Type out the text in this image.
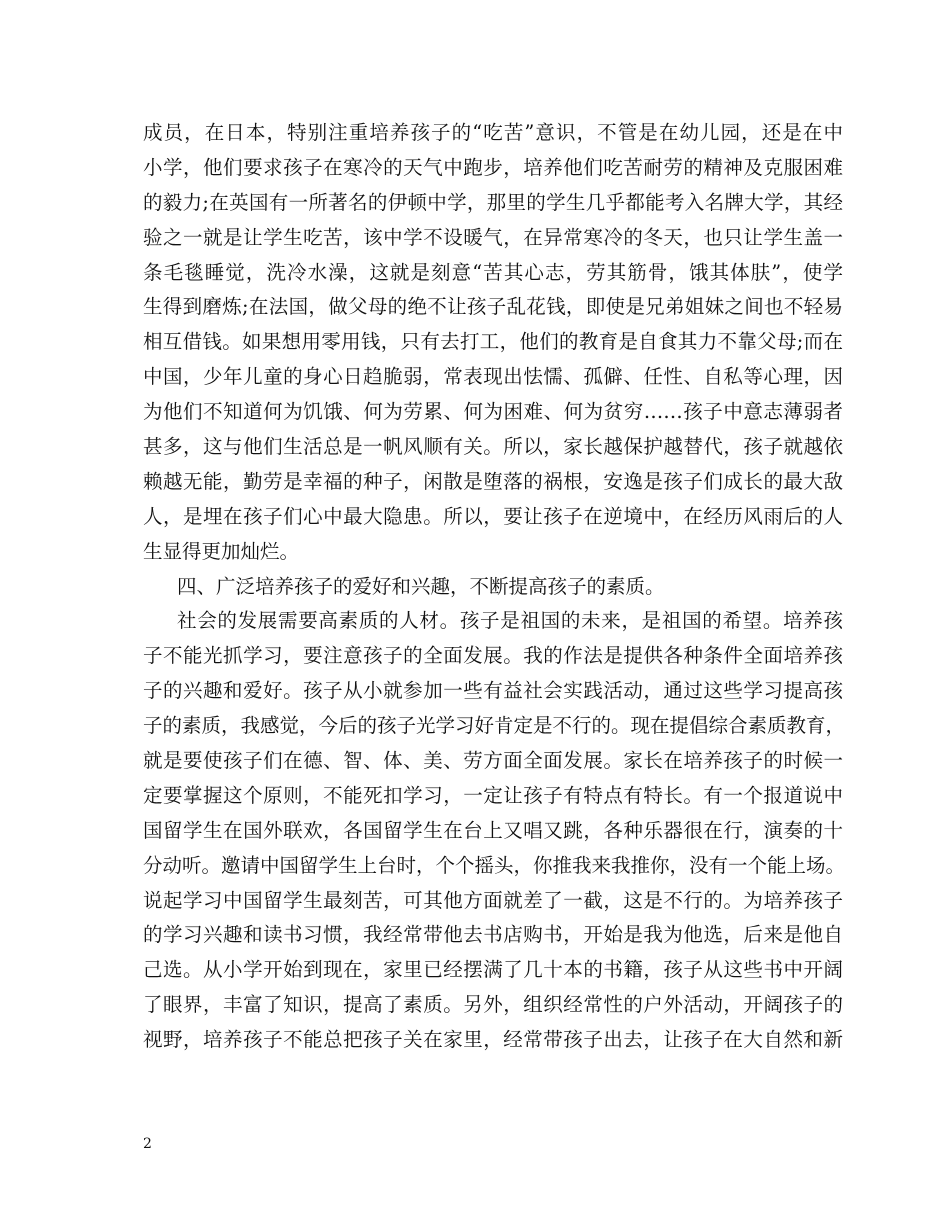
成员，在日本，特别注重培养孩子的“吃苦”意识，不管是在幼儿园，还是在中
小学，他们要求孩子在寒冷的天气中跑步，培养他们吃苦耐劳的精神及克服困难
的毅力;在英国有一所著名的伊顿中学，那里的学生几乎都能考入名牌大学，其经
验之一就是让学生吃苦，该中学不设暖气，在异常寒冷的冬天，也只让学生盖一
条毛毯睡觉，洗冷水澡，这就是刻意“苦其心志，劳其筋骨，饿其体肤”，使学
生得到磨炼;在法国，做父母的绝不让孩子乱花钱，即使是兄弟姐妹之间也不轻易
相互借钱。如果想用零用钱，只有去打工，他们的教育是自食其力不靠父母;而在
中国，少年儿童的身心日趋脆弱，常表现出怯懦、孤僻、任性、自私等心理，因
为他们不知道何为饥饿、何为劳累、何为困难、何为贫穷……孩子中意志薄弱者
甚多，这与他们生活总是一帆风顺有关。所以，家长越保护越替代，孩子就越依
赖越无能，勤劳是幸福的种子，闲散是堕落的祸根，安逸是孩子们成长的最大敌
人，是埋在孩子们心中最大隐患。所以，要让孩子在逆境中，在经历风雨后的人
生显得更加灿烂。
四、广泛培养孩子的爱好和兴趣，不断提高孩子的素质。
社会的发展需要高素质的人材。孩子是祖国的未来，是祖国的希望。培养孩
子不能光抓学习，要注意孩子的全面发展。我的作法是提供各种条件全面培养孩
子的兴趣和爱好。孩子从小就参加一些有益社会实践活动，通过这些学习提高孩
子的素质，我感觉，今后的孩子光学习好肯定是不行的。现在提倡综合素质教育，
就是要使孩子们在德、智、体、美、劳方面全面发展。家长在培养孩子的时候一
定要掌握这个原则，不能死扣学习，一定让孩子有特点有特长。有一个报道说中
国留学生在国外联欢，各国留学生在台上又唱又跳，各种乐器很在行，演奏的十
分动听。邀请中国留学生上台时，个个摇头，你推我来我推你，没有一个能上场。
说起学习中国留学生最刻苦，可其他方面就差了一截，这是不行的。为培养孩子
的学习兴趣和读书习惯，我经常带他去书店购书，开始是我为他选，后来是他自
己选。从小学开始到现在，家里已经摆满了几十本的书籍，孩子从这些书中开阔
了眼界，丰富了知识，提高了素质。另外，组织经常性的户外活动，开阔孩子的
视野，培养孩子不能总把孩子关在家里，经常带孩子出去，让孩子在大自然和新
2
